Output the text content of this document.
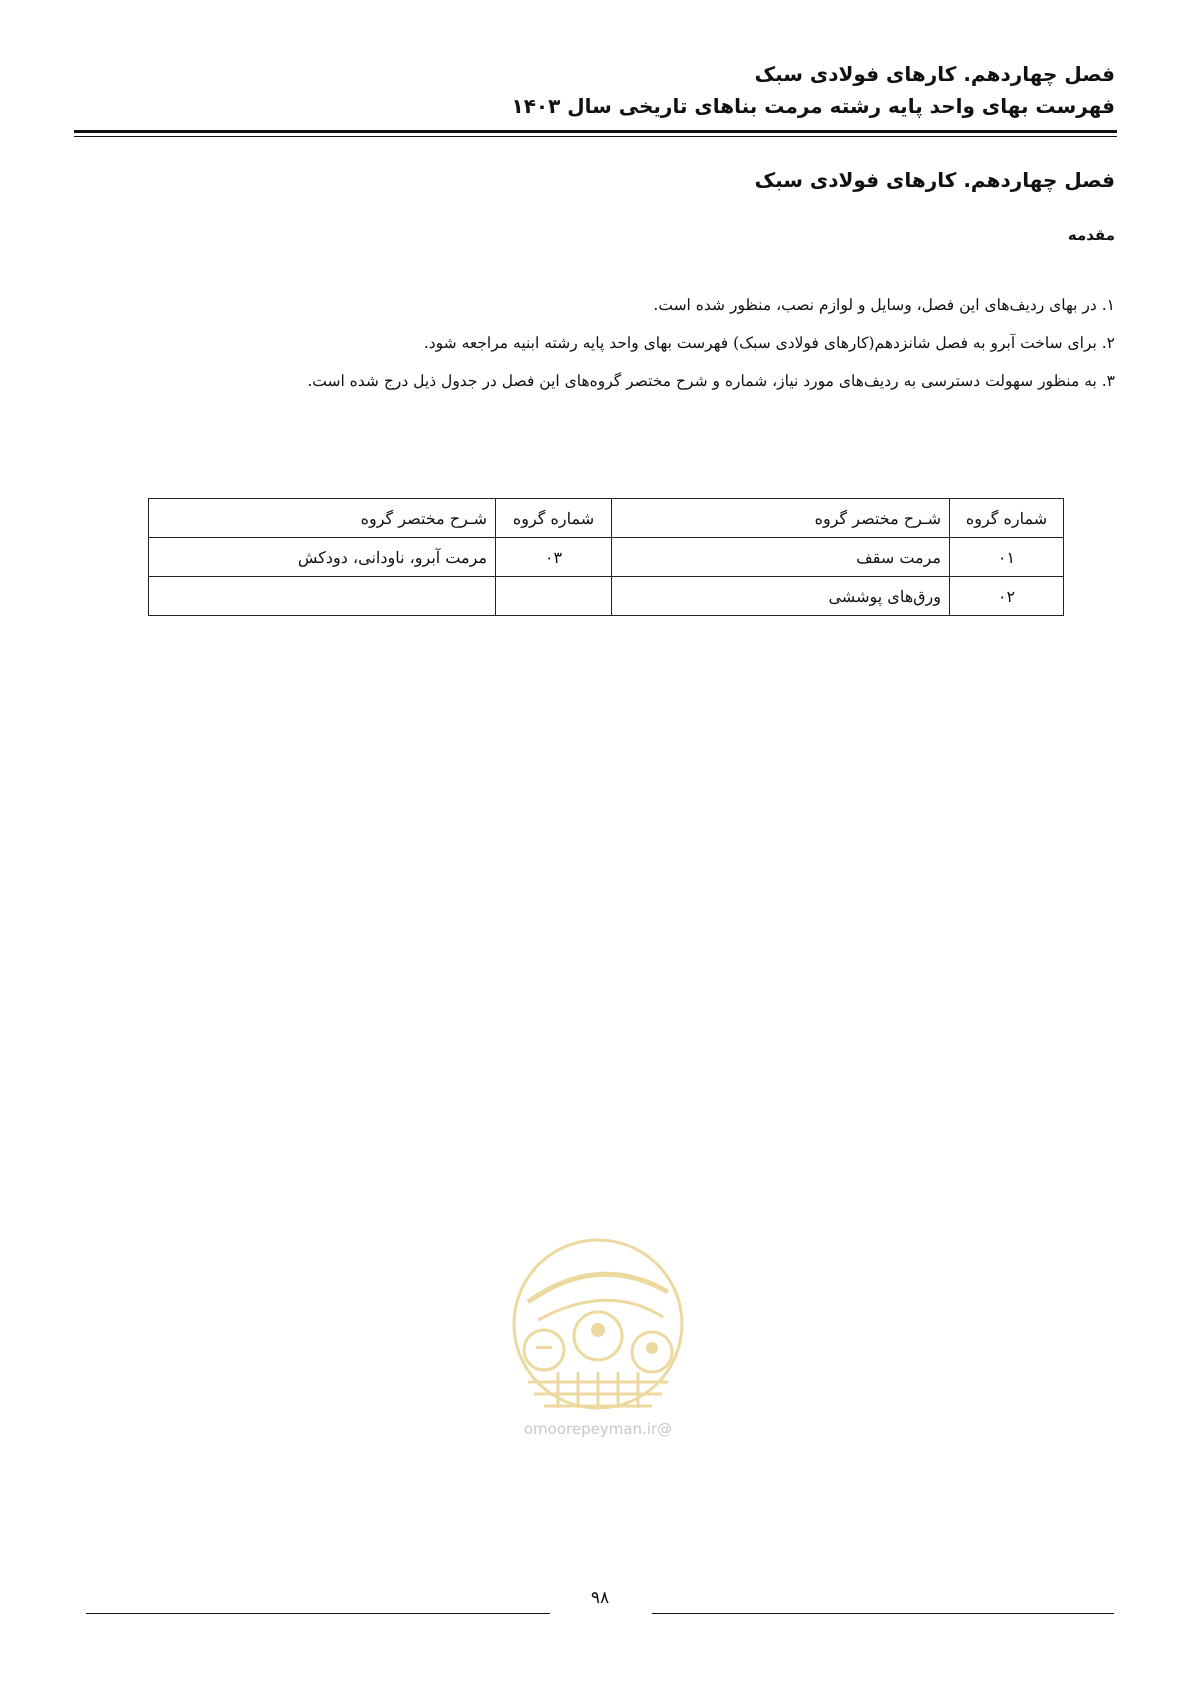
فصل چهاردهم. کارهای فولادی سبک
فهرست بهای واحد پایه رشته مرمت بناهای تاریخی سال ۱۴۰۳
فصل چهاردهم. کارهای فولادی سبک
مقدمه
۱. در بهای ردیف‌های این فصل، وسایل و لوازم نصب، منظور شده است.
۲. برای ساخت آبرو به فصل شانزدهم(کارهای فولادی سبک) فهرست بهای واحد پایه رشته ابنیه مراجعه شود.
۳. به منظور سهولت دسترسی به ردیف‌های مورد نیاز، شماره و شرح مختصر گروه‌های این فصل در جدول ذیل درج شده است.
شماره گروه	شـرح مختصر گروه	شماره گروه	شـرح مختصر گروه
۰۱	مرمت سقف	۰۳	مرمت آبرو، ناودانی، دودکش
۰۲	ورق‌های پوششی		
@omoorepeyman.ir
۹۸
